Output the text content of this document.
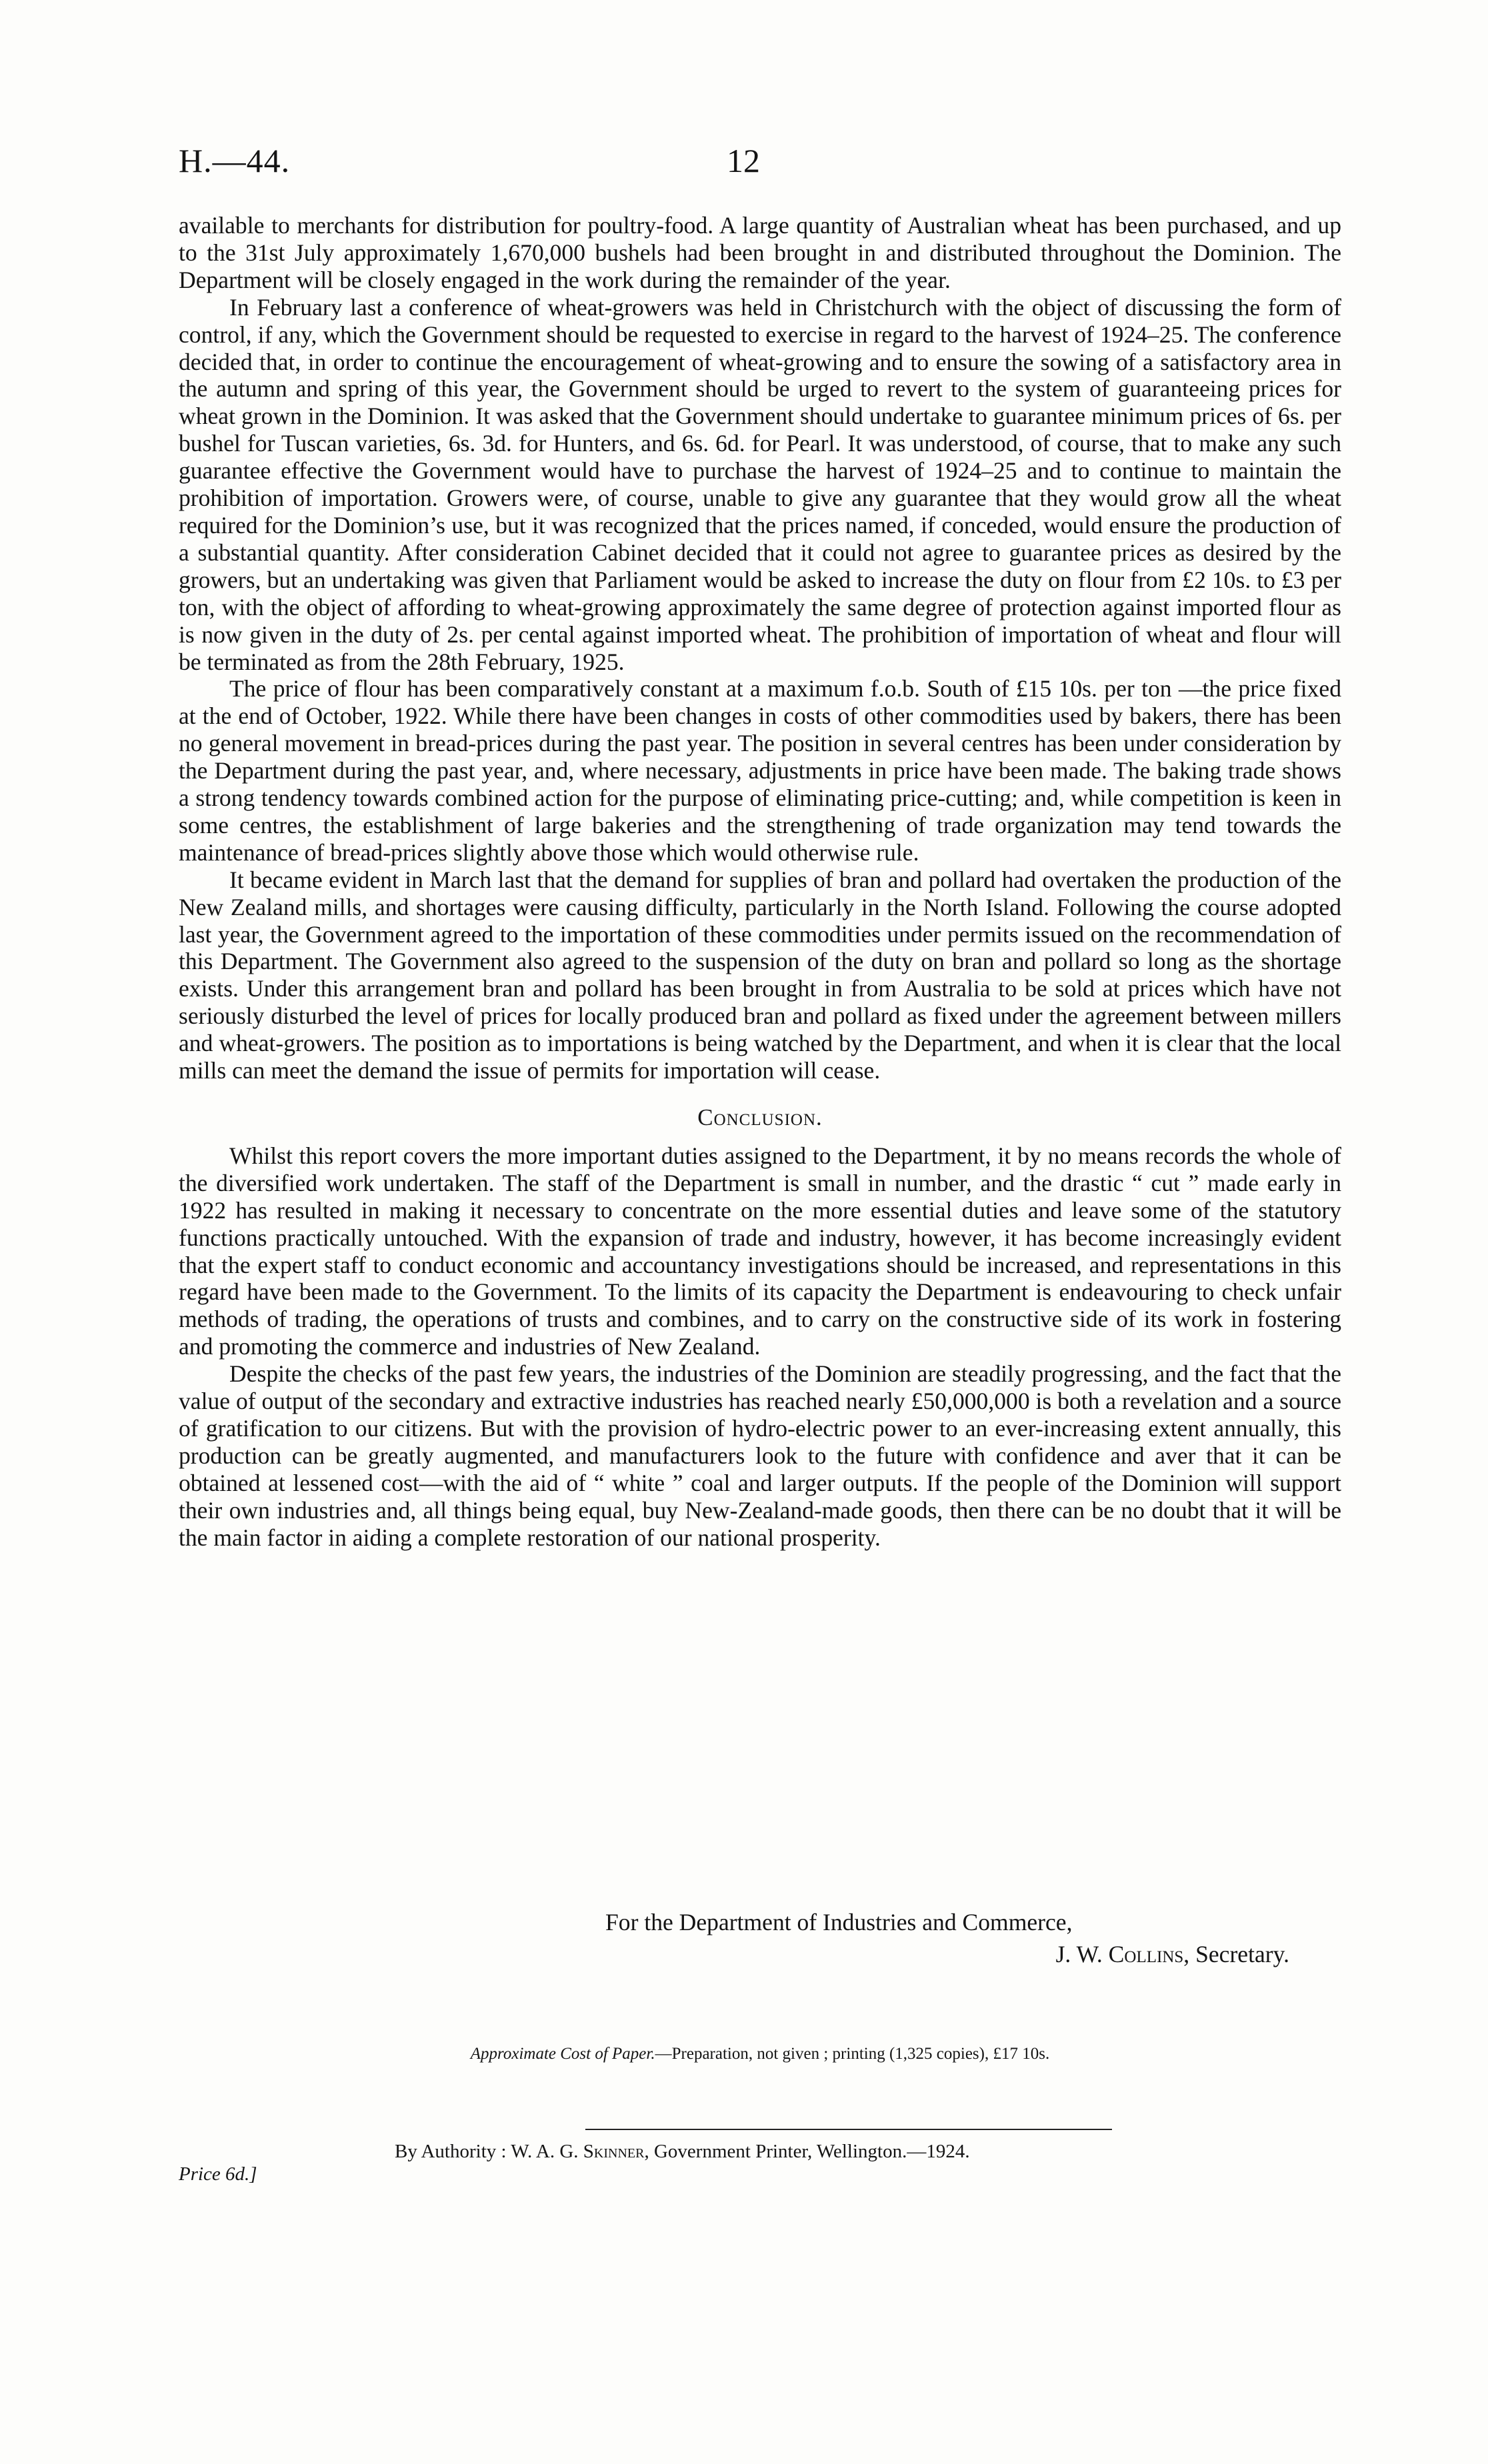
H.—44.	12

available to merchants for distribution for poultry-food. A large quantity of Australian wheat has been purchased, and up to the 31st July approximately 1,670,000 bushels had been brought in and distributed throughout the Dominion. The Department will be closely engaged in the work during the remainder of the year.

In February last a conference of wheat-growers was held in Christchurch with the object of discussing the form of control, if any, which the Government should be requested to exercise in regard to the harvest of 1924–25. The conference decided that, in order to continue the encouragement of wheat-growing and to ensure the sowing of a satisfactory area in the autumn and spring of this year, the Government should be urged to revert to the system of guaranteeing prices for wheat grown in the Dominion. It was asked that the Government should undertake to guarantee minimum prices of 6s. per bushel for Tuscan varieties, 6s. 3d. for Hunters, and 6s. 6d. for Pearl. It was understood, of course, that to make any such guarantee effective the Government would have to purchase the harvest of 1924–25 and to continue to maintain the prohibition of importation. Growers were, of course, unable to give any guarantee that they would grow all the wheat required for the Dominion’s use, but it was recognized that the prices named, if conceded, would ensure the production of a substantial quantity. After consideration Cabinet decided that it could not agree to guarantee prices as desired by the growers, but an undertaking was given that Parliament would be asked to increase the duty on flour from £2 10s. to £3 per ton, with the object of affording to wheat-growing approximately the same degree of protection against imported flour as is now given in the duty of 2s. per cental against imported wheat. The prohibition of importation of wheat and flour will be terminated as from the 28th February, 1925.

The price of flour has been comparatively constant at a maximum f.o.b. South of £15 10s. per ton —the price fixed at the end of October, 1922. While there have been changes in costs of other commodities used by bakers, there has been no general movement in bread-prices during the past year. The position in several centres has been under consideration by the Department during the past year, and, where necessary, adjustments in price have been made. The baking trade shows a strong tendency towards combined action for the purpose of eliminating price-cutting; and, while competition is keen in some centres, the establishment of large bakeries and the strengthening of trade organization may tend towards the maintenance of bread-prices slightly above those which would otherwise rule.

It became evident in March last that the demand for supplies of bran and pollard had overtaken the production of the New Zealand mills, and shortages were causing difficulty, particularly in the North Island. Following the course adopted last year, the Government agreed to the importation of these commodities under permits issued on the recommendation of this Department. The Government also agreed to the suspension of the duty on bran and pollard so long as the shortage exists. Under this arrangement bran and pollard has been brought in from Australia to be sold at prices which have not seriously disturbed the level of prices for locally produced bran and pollard as fixed under the agreement between millers and wheat-growers. The position as to importations is being watched by the Department, and when it is clear that the local mills can meet the demand the issue of permits for importation will cease.

Conclusion.

Whilst this report covers the more important duties assigned to the Department, it by no means records the whole of the diversified work undertaken. The staff of the Department is small in number, and the drastic “ cut ” made early in 1922 has resulted in making it necessary to concentrate on the more essential duties and leave some of the statutory functions practically untouched. With the expansion of trade and industry, however, it has become increasingly evident that the expert staff to conduct economic and accountancy investigations should be increased, and representations in this regard have been made to the Government. To the limits of its capacity the Department is endeavouring to check unfair methods of trading, the operations of trusts and combines, and to carry on the constructive side of its work in fostering and promoting the commerce and industries of New Zealand.

Despite the checks of the past few years, the industries of the Dominion are steadily progressing, and the fact that the value of output of the secondary and extractive industries has reached nearly £50,000,000 is both a revelation and a source of gratification to our citizens. But with the provision of hydro-electric power to an ever-increasing extent annually, this production can be greatly augmented, and manufacturers look to the future with confidence and aver that it can be obtained at lessened cost—with the aid of “ white ” coal and larger outputs. If the people of the Dominion will support their own industries and, all things being equal, buy New-Zealand-made goods, then there can be no doubt that it will be the main factor in aiding a complete restoration of our national prosperity.

For the Department of Industries and Commerce,
J. W. Collins, Secretary.
Approximate Cost of Paper.—Preparation, not given ; printing (1,325 copies), £17 10s.
Price 6d.]
By Authority : W. A. G. Skinner, Government Printer, Wellington.—1924.
